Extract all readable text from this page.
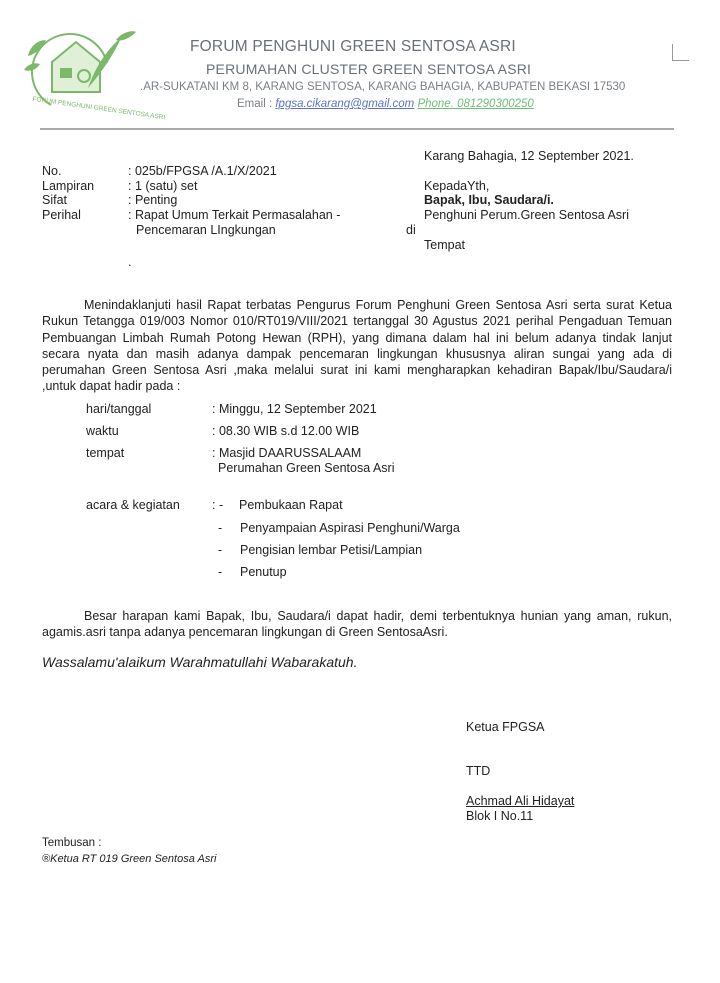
FORUM PENGHUNI GREEN SENTOSA ASRI
FORUM PENGHUNI GREEN SENTOSA ASRI
PERUMAHAN CLUSTER GREEN SENTOSA ASRI
.AR-SUKATANI KM 8, KARANG SENTOSA, KARANG BAHAGIA, KABUPATEN BEKASI 17530
Email : fpgsa.cikarang@gmail.com Phone. 081290300250
Karang Bahagia, 12 September 2021.
No.	: 025b/FPGSA /A.1/X/2021
Lampiran	: 1 (satu) set
Sifat	: Penting
Perihal	: Rapat Umum Terkait Permasalahan -
Pencemaran LIngkungan
.
KepadaYth,
Bapak, Ibu, Saudara/i.
Penghuni Perum.Green Sentosa Asri
di
Tempat
Menindaklanjuti hasil Rapat terbatas Pengurus Forum Penghuni Green Sentosa Asri serta surat Ketua Rukun Tetangga 019/003 Nomor 010/RT019/VIII/2021 tertanggal 30 Agustus 2021 perihal Pengaduan Temuan Pembuangan Limbah Rumah Potong Hewan (RPH), yang dimana dalam hal ini belum adanya tindak lanjut secara nyata dan masih adanya dampak pencemaran lingkungan khususnya aliran sungai yang ada di perumahan Green Sentosa Asri ,maka melalui surat ini kami mengharapkan kehadiran Bapak/Ibu/Saudara/i ,untuk dapat hadir pada :
hari/tanggal	: Minggu, 12 September 2021
waktu	: 08.30 WIB s.d 12.00 WIB
tempat	: Masjid DAARUSSALAAM
Perumahan Green Sentosa Asri
acara & kegiatan	: - Pembukaan Rapat
- Penyampaian Aspirasi Penghuni/Warga
- Pengisian lembar Petisi/Lampian
- Penutup
Besar harapan kami Bapak, Ibu, Saudara/i dapat hadir, demi terbentuknya hunian yang aman, rukun, agamis.asri tanpa adanya pencemaran lingkungan di Green SentosaAsri.
Wassalamu'alaikum Warahmatullahi Wabarakatuh.
Ketua FPGSA
TTD
Achmad Ali Hidayat
Blok I No.11
Tembusan :
®Ketua RT 019 Green Sentosa Asri
